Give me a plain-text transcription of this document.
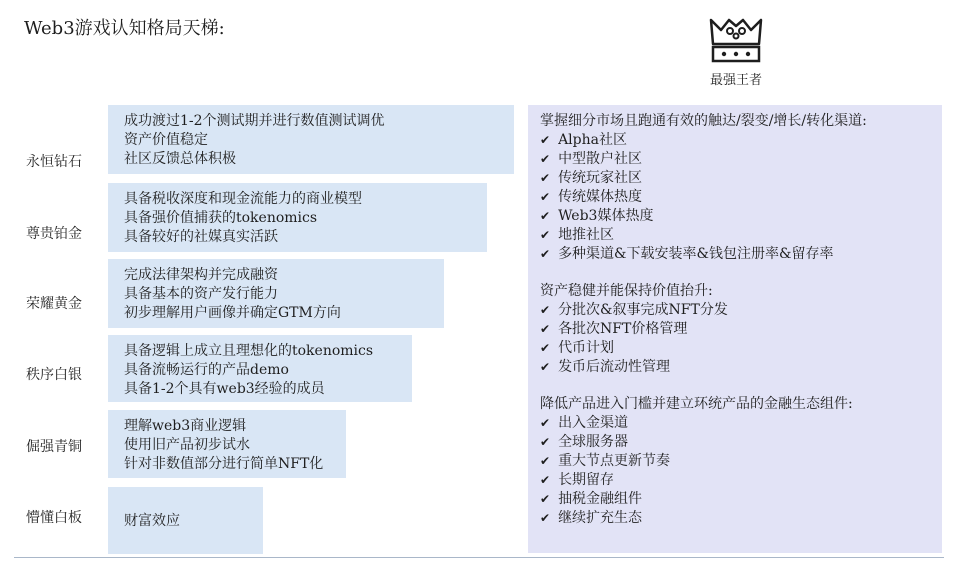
Web3游戏认知格局天梯:
最强王者
成功渡过1-2个测试期并进行数值测试调优
资产价值稳定
社区反馈总体积极
永恒钻石
具备税收深度和现金流能力的商业模型
具备强价值捕获的tokenomics
具备较好的社媒真实活跃
尊贵铂金
完成法律架构并完成融资
具备基本的资产发行能力
初步理解用户画像并确定GTM方向
荣耀黄金
具备逻辑上成立且理想化的tokenomics
具备流畅运行的产品demo
具备1-2个具有web3经验的成员
秩序白银
理解web3商业逻辑
使用旧产品初步试水
针对非数值部分进行简单NFT化
倔强青铜
财富效应
懵懂白板
掌握细分市场且跑通有效的触达/裂变/增长/转化渠道:
✔ Alpha社区
✔ 中型散户社区
✔ 传统玩家社区
✔ 传统媒体热度
✔ Web3媒体热度
✔ 地推社区
✔ 多种渠道&下载安装率&钱包注册率&留存率
资产稳健并能保持价值抬升:
✔ 分批次&叙事完成NFT分发
✔ 各批次NFT价格管理
✔ 代币计划
✔ 发币后流动性管理
降低产品进入门槛并建立环统产品的金融生态组件:
✔ 出入金渠道
✔ 全球服务器
✔ 重大节点更新节奏
✔ 长期留存
✔ 抽税金融组件
✔ 继续扩充生态
